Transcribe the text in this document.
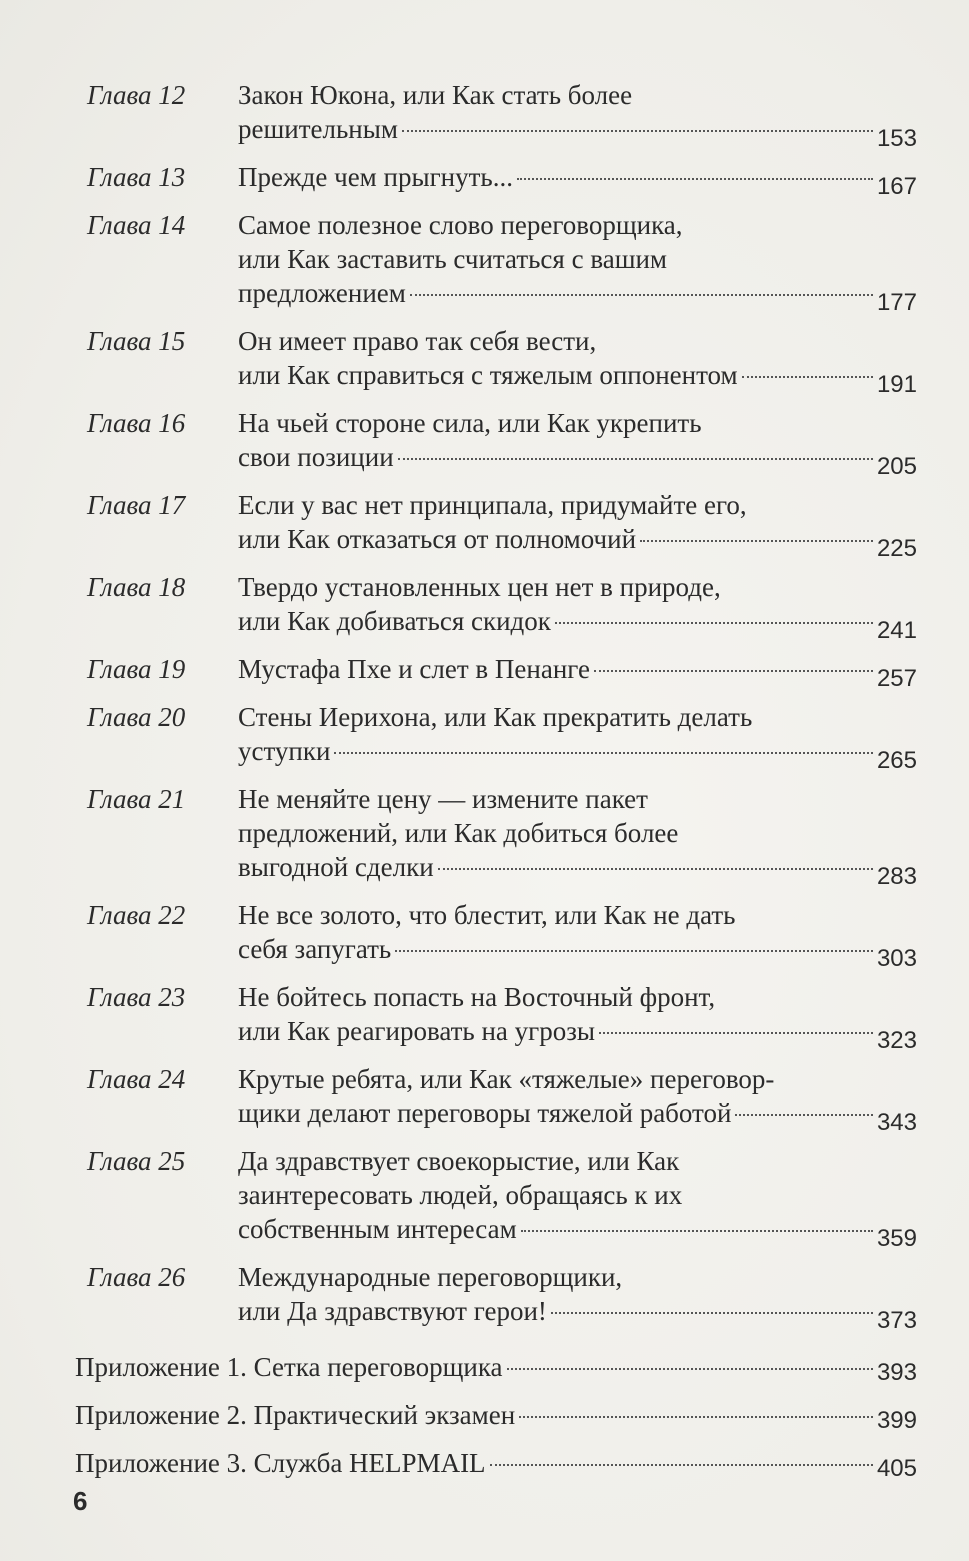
Глава 12	Закон Юкона, или Как стать более
решительным	153
Глава 13	Прежде чем прыгнуть...	167
Глава 14	Самое полезное слово переговорщика,
или Как заставить считаться с вашим
предложением	177
Глава 15	Он имеет право так себя вести,
или Как справиться с тяжелым оппонентом	191
Глава 16	На чьей стороне сила, или Как укрепить
свои позиции	205
Глава 17	Если у вас нет принципала, придумайте его,
или Как отказаться от полномочий	225
Глава 18	Твердо установленных цен нет в природе,
или Как добиваться скидок	241
Глава 19	Мустафа Пхе и слет в Пенанге	257
Глава 20	Стены Иерихона, или Как прекратить делать
уступки	265
Глава 21	Не меняйте цену — измените пакет
предложений, или Как добиться более
выгодной сделки	283
Глава 22	Не все золото, что блестит, или Как не дать
себя запугать	303
Глава 23	Не бойтесь попасть на Восточный фронт,
или Как реагировать на угрозы	323
Глава 24	Крутые ребята, или Как «тяжелые» переговор-
щики делают переговоры тяжелой работой	343
Глава 25	Да здравствует своекорыстие, или Как
заинтересовать людей, обращаясь к их
собственным интересам	359
Глава 26	Международные переговорщики,
или Да здравствуют герои!	373
Приложение 1. Сетка переговорщика	393
Приложение 2. Практический экзамен	399
Приложение 3. Служба HELPMAIL	405
6
